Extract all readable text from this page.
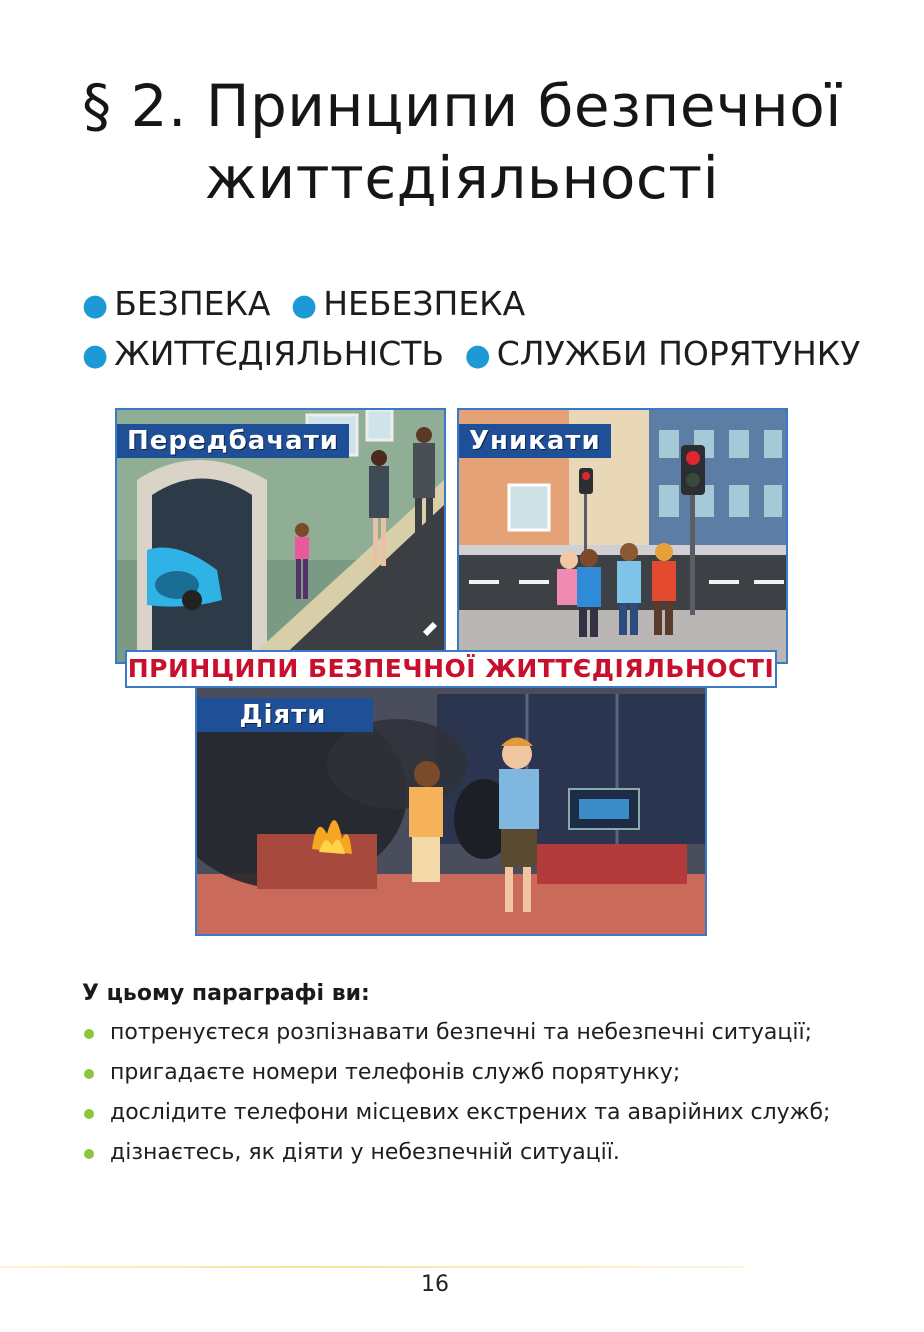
§ 2. Принципи безпечної
життєдіяльності
● БЕЗПЕКА ● НЕБЕЗПЕКА
● ЖИТТЄДІЯЛЬНІСТЬ ● СЛУЖБИ ПОРЯТУНКУ
Передбачати	Уникати
Діяти
ПРИНЦИПИ БЕЗПЕЧНОЇ ЖИТТЄДІЯЛЬНОСТІ
У цьому параграфі ви:
потренуєтеся розпізнавати безпечні та небезпечні ситуації;
пригадаєте номери телефонів служб порятунку;
дослідите телефони місцевих екстрених та аварійних служб;
дізнаєтесь, як діяти у небезпечній ситуації.
16
